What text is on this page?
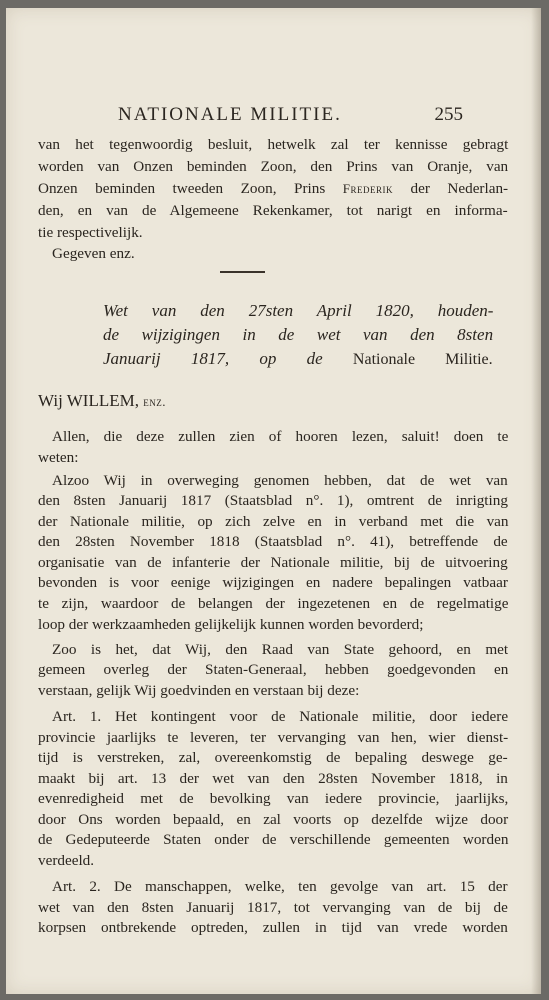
NATIONALE MILITIE.	255
van het tegenwoordig besluit, hetwelk zal ter kennisse gebragt
worden van Onzen beminden Zoon, den Prins van Oranje, van
Onzen beminden tweeden Zoon, Prins Frederik der Nederlan-
den, en van de Algemeene Rekenkamer, tot narigt en informa-
tie respectivelijk.
Gegeven enz.
Wet van den 27sten April 1820, houden-
de wijzigingen in de wet van den 8sten
Januarij 1817, op de Nationale Militie.
Wij WILLEM, enz.
Allen, die deze zullen zien of hooren lezen, saluit! doen te
weten:
Alzoo Wij in overweging genomen hebben, dat de wet van
den 8sten Januarij 1817 (Staatsblad n°. 1), omtrent de inrigting
der Nationale militie, op zich zelve en in verband met die van
den 28sten November 1818 (Staatsblad n°. 41), betreffende de
organisatie van de infanterie der Nationale militie, bij de uitvoering
bevonden is voor eenige wijzigingen en nadere bepalingen vatbaar
te zijn, waardoor de belangen der ingezetenen en de regelmatige
loop der werkzaamheden gelijkelijk kunnen worden bevorderd;
Zoo is het, dat Wij, den Raad van State gehoord, en met
gemeen overleg der Staten-Generaal, hebben goedgevonden en
verstaan, gelijk Wij goedvinden en verstaan bij deze:
Art. 1. Het kontingent voor de Nationale militie, door iedere
provincie jaarlijks te leveren, ter vervanging van hen, wier dienst-
tijd is verstreken, zal, overeenkomstig de bepaling deswege ge-
maakt bij art. 13 der wet van den 28sten November 1818, in
evenredigheid met de bevolking van iedere provincie, jaarlijks,
door Ons worden bepaald, en zal voorts op dezelfde wijze door
de Gedeputeerde Staten onder de verschillende gemeenten worden
verdeeld.
Art. 2. De manschappen, welke, ten gevolge van art. 15 der
wet van den 8sten Januarij 1817, tot vervanging van de bij de
korpsen ontbrekende optreden, zullen in tijd van vrede worden
